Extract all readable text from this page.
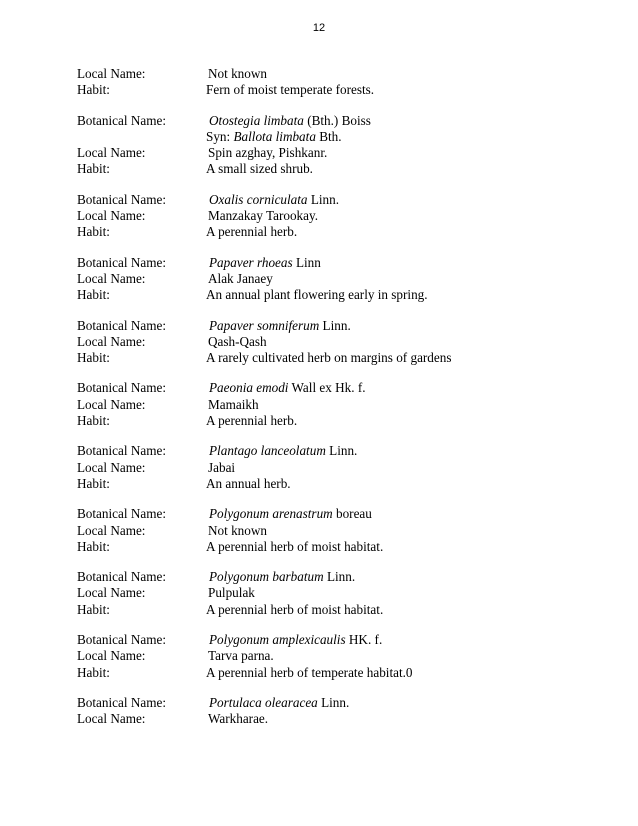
12
Local Name:	Not known
Habit:	Fern of moist temperate forests.
Botanical Name:	Otostegia limbata (Bth.) Boiss
Syn: Ballota limbata Bth.
Local Name:	Spin azghay, Pishkanr.
Habit:	A small sized shrub.
Botanical Name:	Oxalis corniculata Linn.
Local Name:	Manzakay Tarookay.
Habit:	A perennial herb.
Botanical Name:	Papaver rhoeas Linn
Local Name:	Alak Janaey
Habit:	An annual plant flowering early in spring.
Botanical Name:	Papaver somniferum Linn.
Local Name:	Qash-Qash
Habit:	A rarely cultivated herb on margins of gardens
Botanical Name:	Paeonia emodi Wall ex Hk. f.
Local Name:	Mamaikh
Habit:	A perennial herb.
Botanical Name:	Plantago lanceolatum Linn.
Local Name:	Jabai
Habit:	An annual herb.
Botanical Name:	Polygonum arenastrum boreau
Local Name:	Not known
Habit:	A perennial herb of moist habitat.
Botanical Name:	Polygonum barbatum Linn.
Local Name:	Pulpulak
Habit:	A perennial herb of moist habitat.
Botanical Name:	Polygonum amplexicaulis HK. f.
Local Name:	Tarva parna.
Habit:	A perennial herb of temperate habitat.0
Botanical Name:	Portulaca olearacea Linn.
Local Name:	Warkharae.
